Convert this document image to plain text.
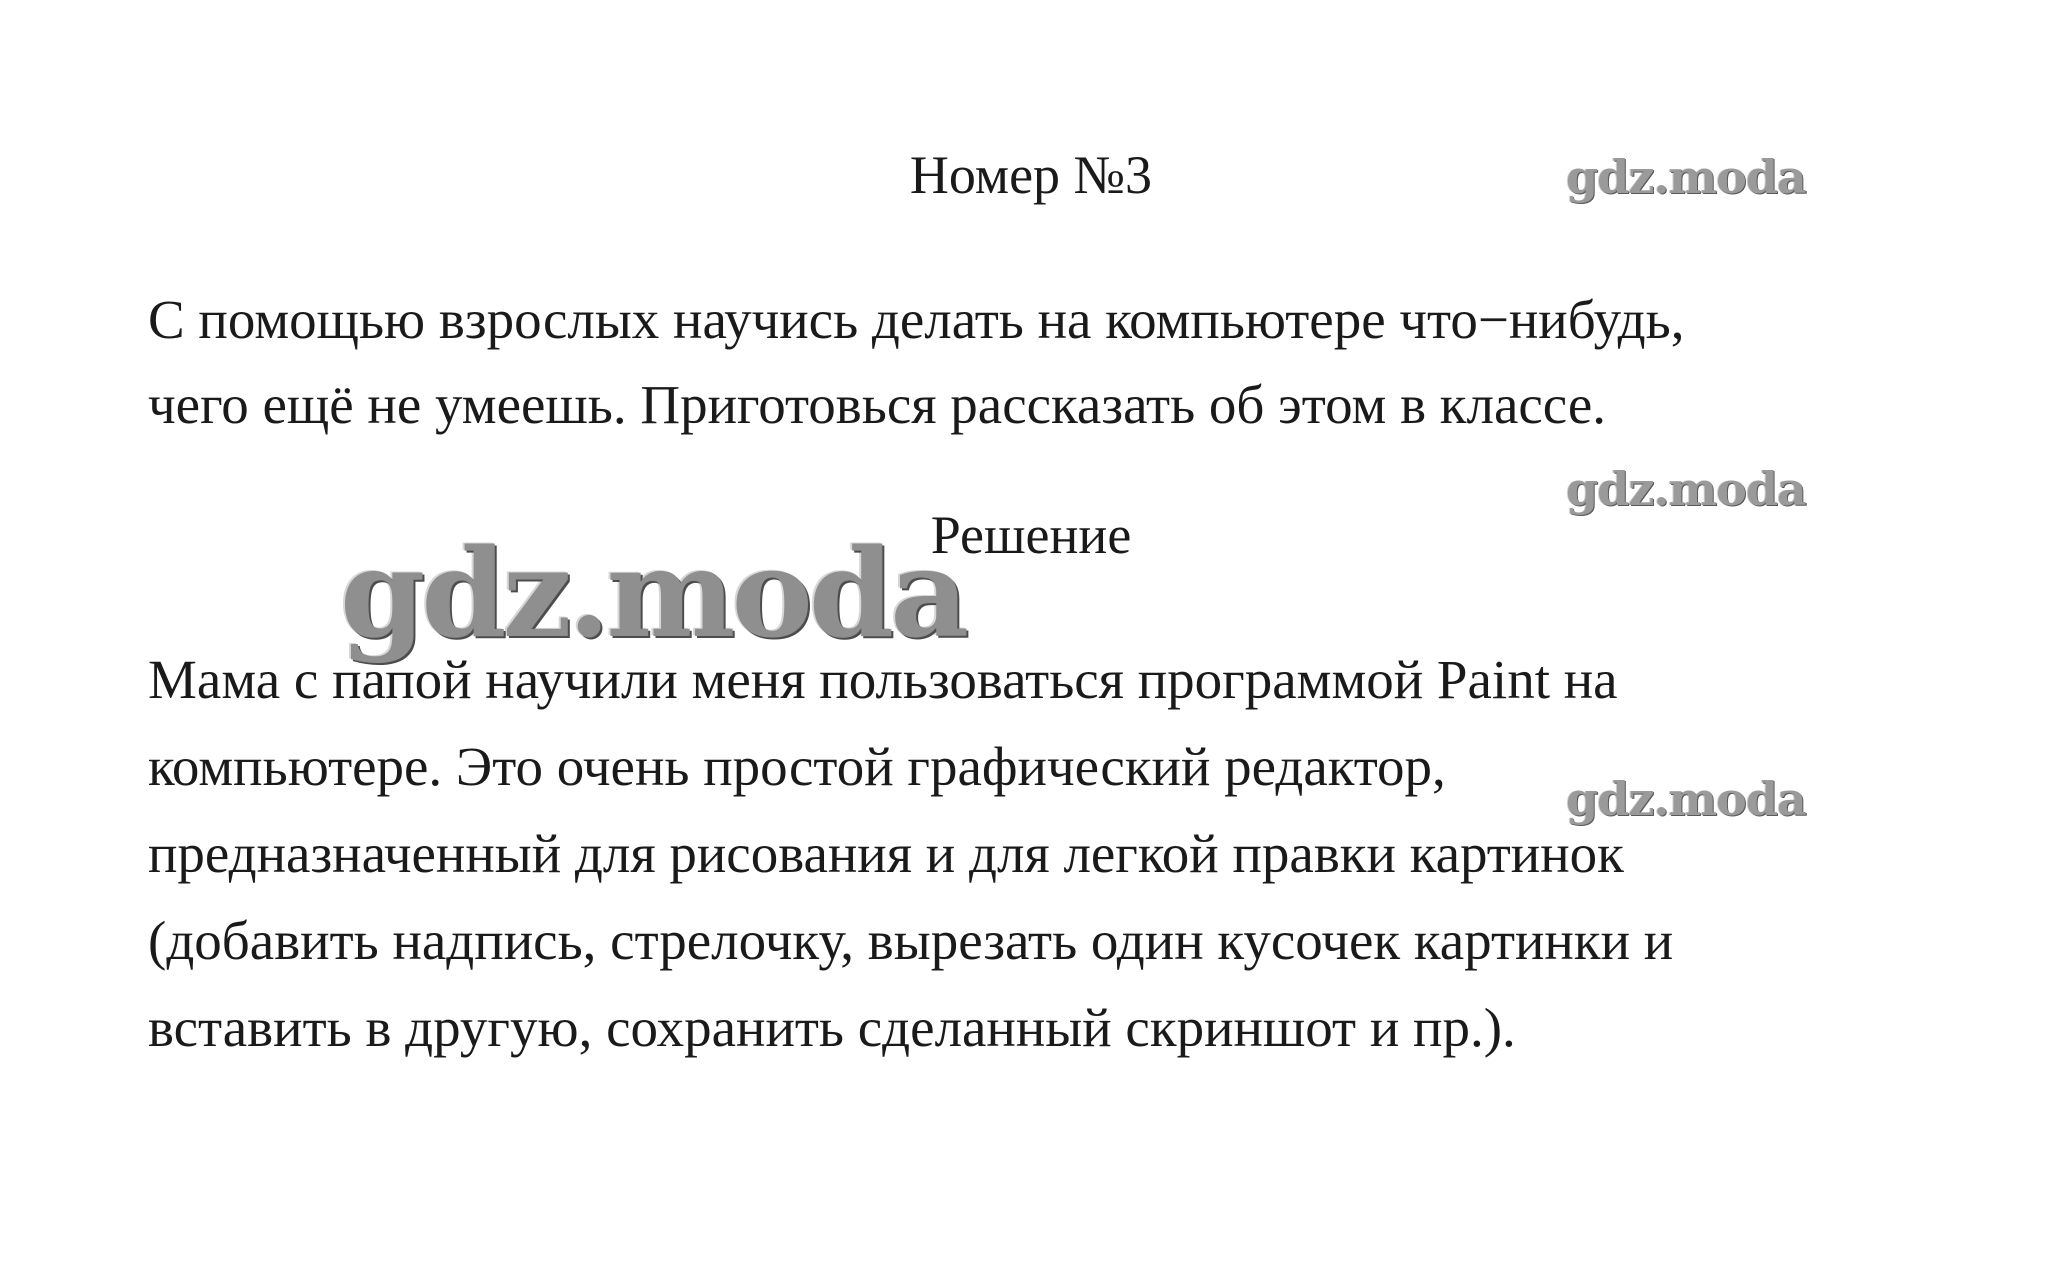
Номер №3
С помощью взрослых научись делать на компьютере что−нибудь,
чего ещё не умеешь. Приготовься рассказать об этом в классе.
Решение
Мама с папой научили меня пользоваться программой Paint на
компьютере. Это очень простой графический редактор,
предназначенный для рисования и для легкой правки картинок
(добавить надпись, стрелочку, вырезать один кусочек картинки и
вставить в другую, сохранить сделанный скриншот и пр.).
gdz.moda
gdz.moda
gdz.moda
gdz.moda
